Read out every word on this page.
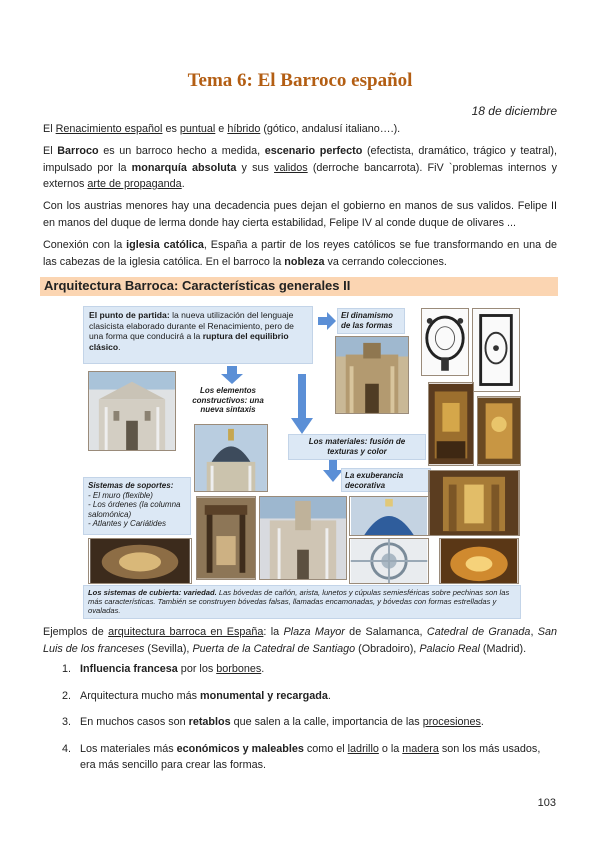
Tema 6: El Barroco español
18 de diciembre
El Renacimiento español es puntual e híbrido (gótico, andalusí italiano….).
El Barroco es un barroco hecho a medida, escenario perfecto (efectista, dramático, trágico y teatral), impulsado por la monarquía absoluta y sus validos (derroche bancarrota). FiV `problemas internos y externos arte de propaganda.
Con los austrias menores hay una decadencia pues dejan el gobierno en manos de sus validos. Felipe II en manos del duque de lerma donde hay cierta estabilidad, Felipe IV al conde duque de olivares ...
Conexión con la iglesia católica, España a partir de los reyes católicos se fue transformando en una de las cabezas de la iglesia católica. En el barroco la nobleza va cerrando colecciones.
Arquitectura Barroca: Características generales II
El punto de partida: la nueva utilización del lenguaje clasicista elaborado durante el Renacimiento, pero de una forma que conducirá a la ruptura del equilibrio clásico.
El dinamismo de las formas
Los elementos constructivos: una nueva sintaxis
Los materiales: fusión de texturas y color
Sistemas de soportes:
- El muro (flexible)
- Los órdenes (la columna salomónica)
- Atlantes y Cariátides
La exuberancia decorativa
Los sistemas de cubierta: variedad. Las bóvedas de cañón, arista, lunetos y cúpulas semiesféricas sobre pechinas son las más características. También se construyen bóvedas falsas, llamadas encamonadas, y bóvedas con formas estrelladas y ovaladas.
Ejemplos de arquitectura barroca en España: la Plaza Mayor de Salamanca, Catedral de Granada, San Luis de los franceses (Sevilla), Puerta de la Catedral de Santiago (Obradoiro), Palacio Real (Madrid).
1. Influencia francesa por los borbones.
2. Arquitectura mucho más monumental y recargada.
3. En muchos casos son retablos que salen a la calle, importancia de las procesiones.
4. Los materiales más económicos y maleables como el ladrillo o la madera son los más usados, era más sencillo para crear las formas.
103
